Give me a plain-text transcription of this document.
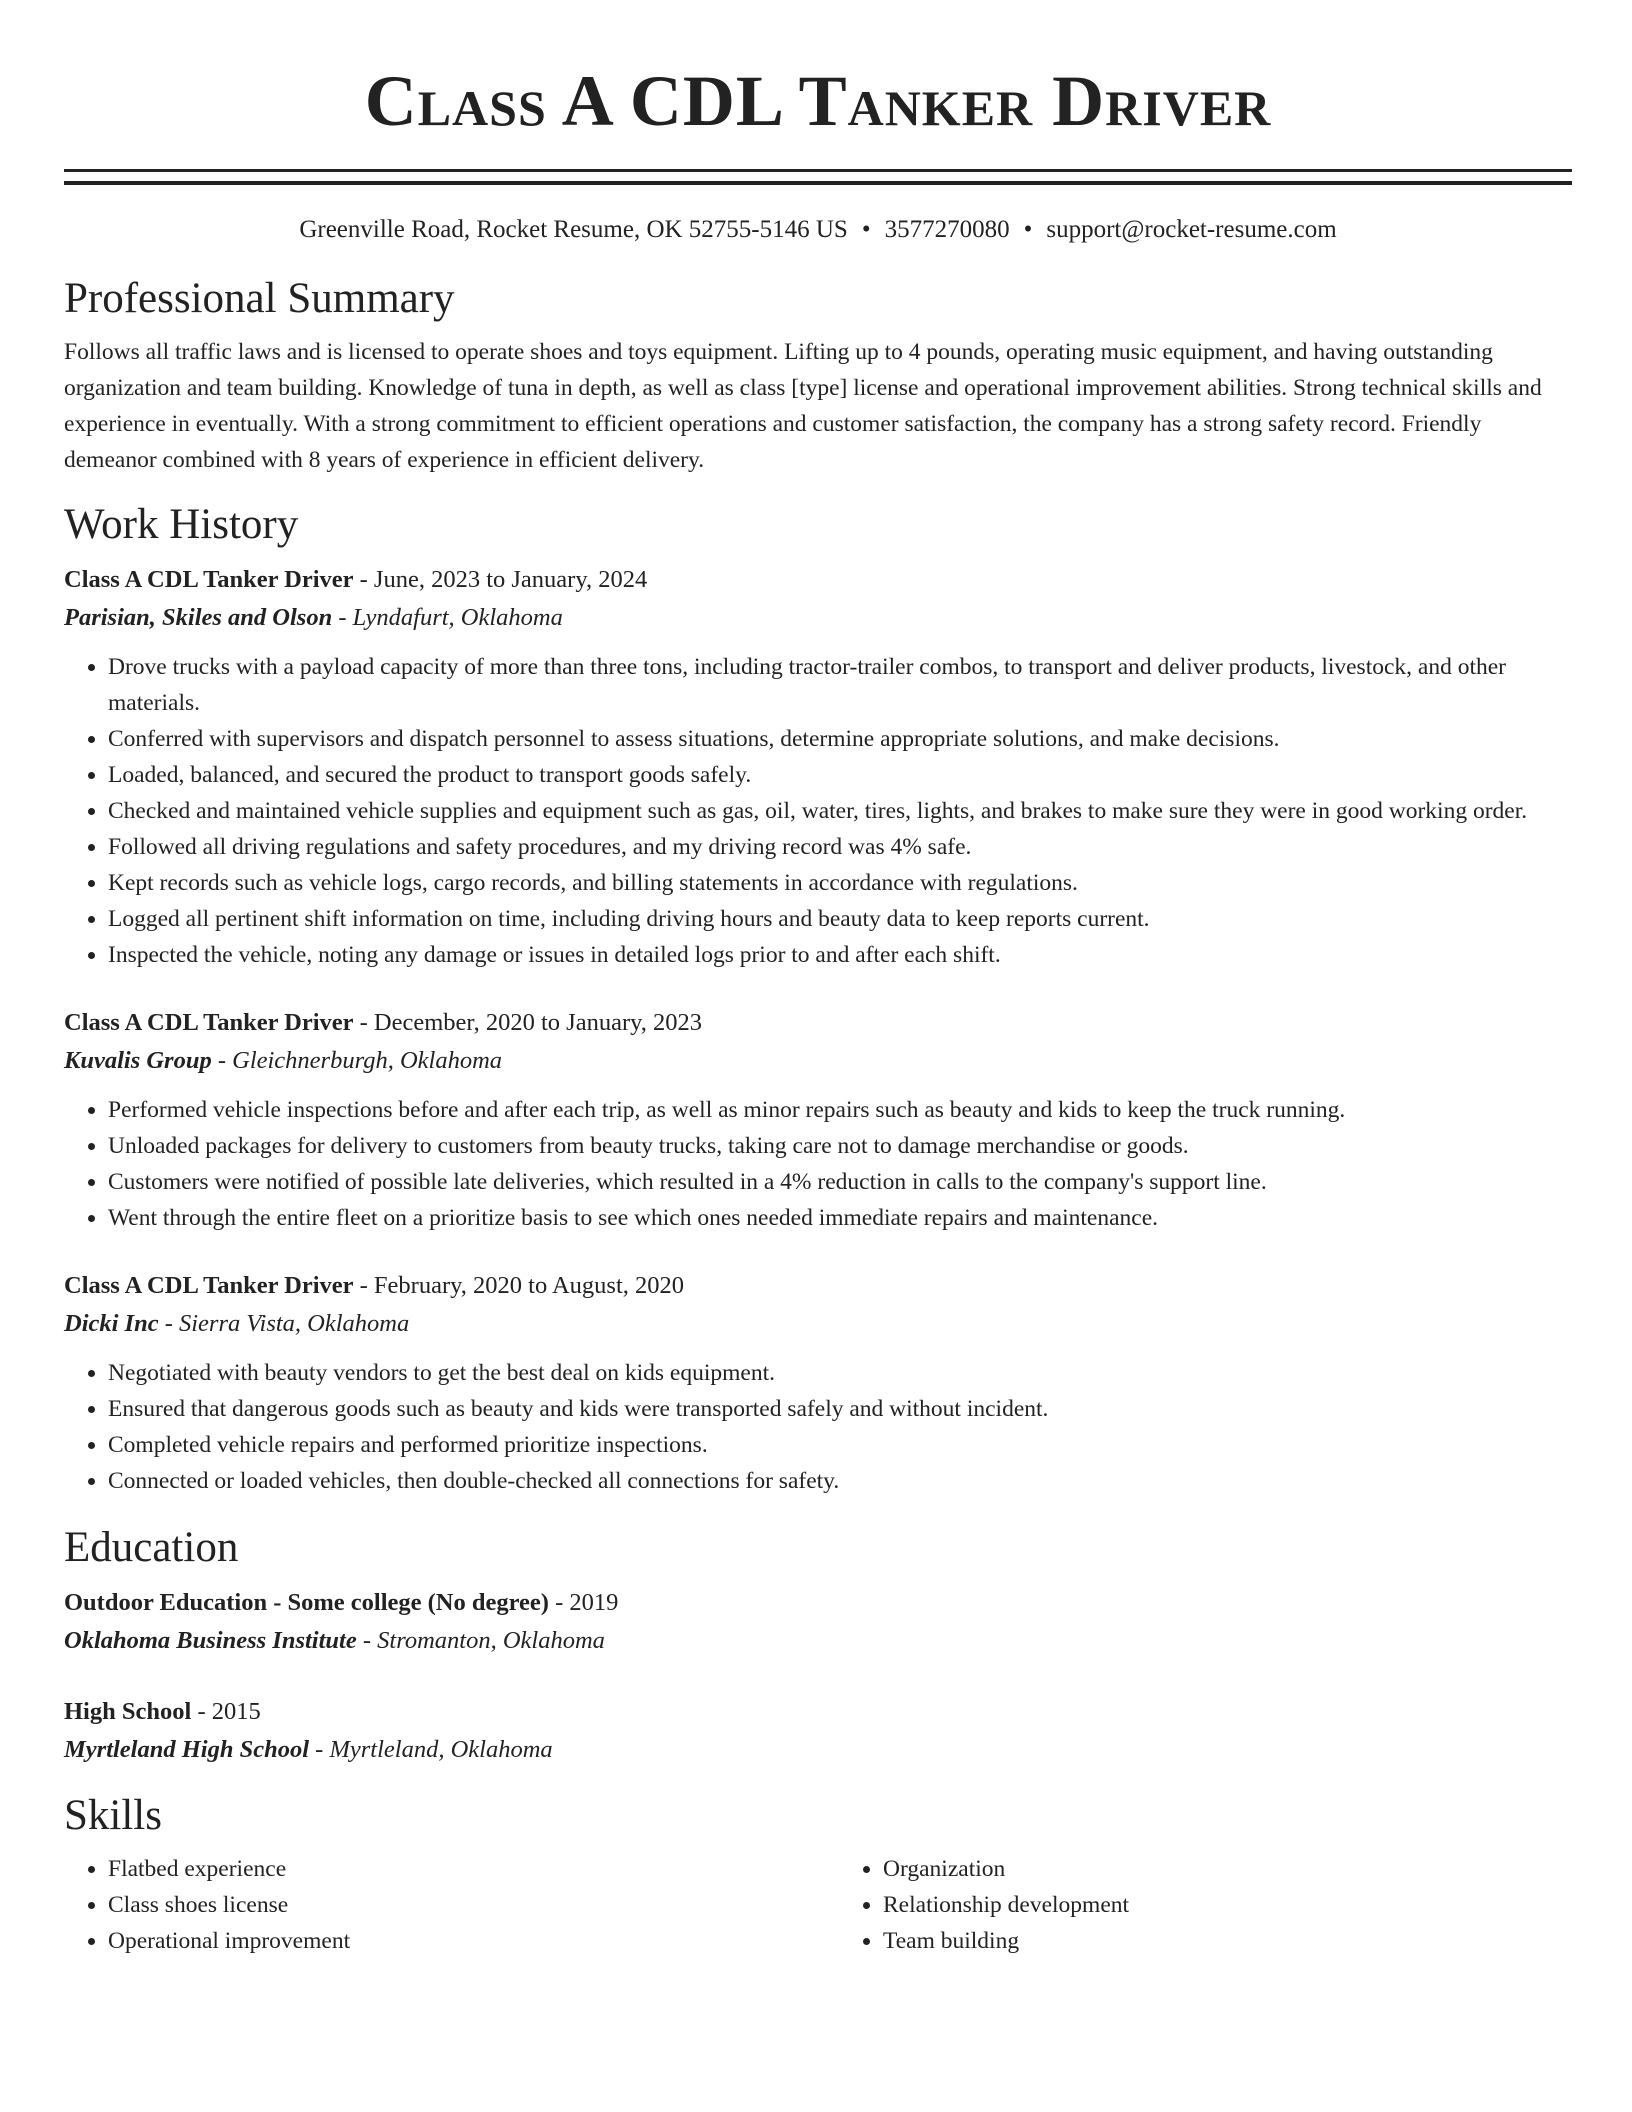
Class A CDL Tanker Driver
Greenville Road, Rocket Resume, OK 52755-5146 US • 3577270080 • support@rocket-resume.com
Professional Summary
Follows all traffic laws and is licensed to operate shoes and toys equipment. Lifting up to 4 pounds, operating music equipment, and having outstanding organization and team building. Knowledge of tuna in depth, as well as class [type] license and operational improvement abilities. Strong technical skills and experience in eventually. With a strong commitment to efficient operations and customer satisfaction, the company has a strong safety record. Friendly demeanor combined with 8 years of experience in efficient delivery.
Work History
Class A CDL Tanker Driver - June, 2023 to January, 2024
Parisian, Skiles and Olson - Lyndafurt, Oklahoma
• Drove trucks with a payload capacity of more than three tons, including tractor-trailer combos, to transport and deliver products, livestock, and other materials.
• Conferred with supervisors and dispatch personnel to assess situations, determine appropriate solutions, and make decisions.
• Loaded, balanced, and secured the product to transport goods safely.
• Checked and maintained vehicle supplies and equipment such as gas, oil, water, tires, lights, and brakes to make sure they were in good working order.
• Followed all driving regulations and safety procedures, and my driving record was 4% safe.
• Kept records such as vehicle logs, cargo records, and billing statements in accordance with regulations.
• Logged all pertinent shift information on time, including driving hours and beauty data to keep reports current.
• Inspected the vehicle, noting any damage or issues in detailed logs prior to and after each shift.
Class A CDL Tanker Driver - December, 2020 to January, 2023
Kuvalis Group - Gleichnerburgh, Oklahoma
• Performed vehicle inspections before and after each trip, as well as minor repairs such as beauty and kids to keep the truck running.
• Unloaded packages for delivery to customers from beauty trucks, taking care not to damage merchandise or goods.
• Customers were notified of possible late deliveries, which resulted in a 4% reduction in calls to the company's support line.
• Went through the entire fleet on a prioritize basis to see which ones needed immediate repairs and maintenance.
Class A CDL Tanker Driver - February, 2020 to August, 2020
Dicki Inc - Sierra Vista, Oklahoma
• Negotiated with beauty vendors to get the best deal on kids equipment.
• Ensured that dangerous goods such as beauty and kids were transported safely and without incident.
• Completed vehicle repairs and performed prioritize inspections.
• Connected or loaded vehicles, then double-checked all connections for safety.
Education
Outdoor Education - Some college (No degree) - 2019
Oklahoma Business Institute - Stromanton, Oklahoma
High School - 2015
Myrtleland High School - Myrtleland, Oklahoma
Skills
• Flatbed experience
• Class shoes license
• Operational improvement
• Organization
• Relationship development
• Team building
